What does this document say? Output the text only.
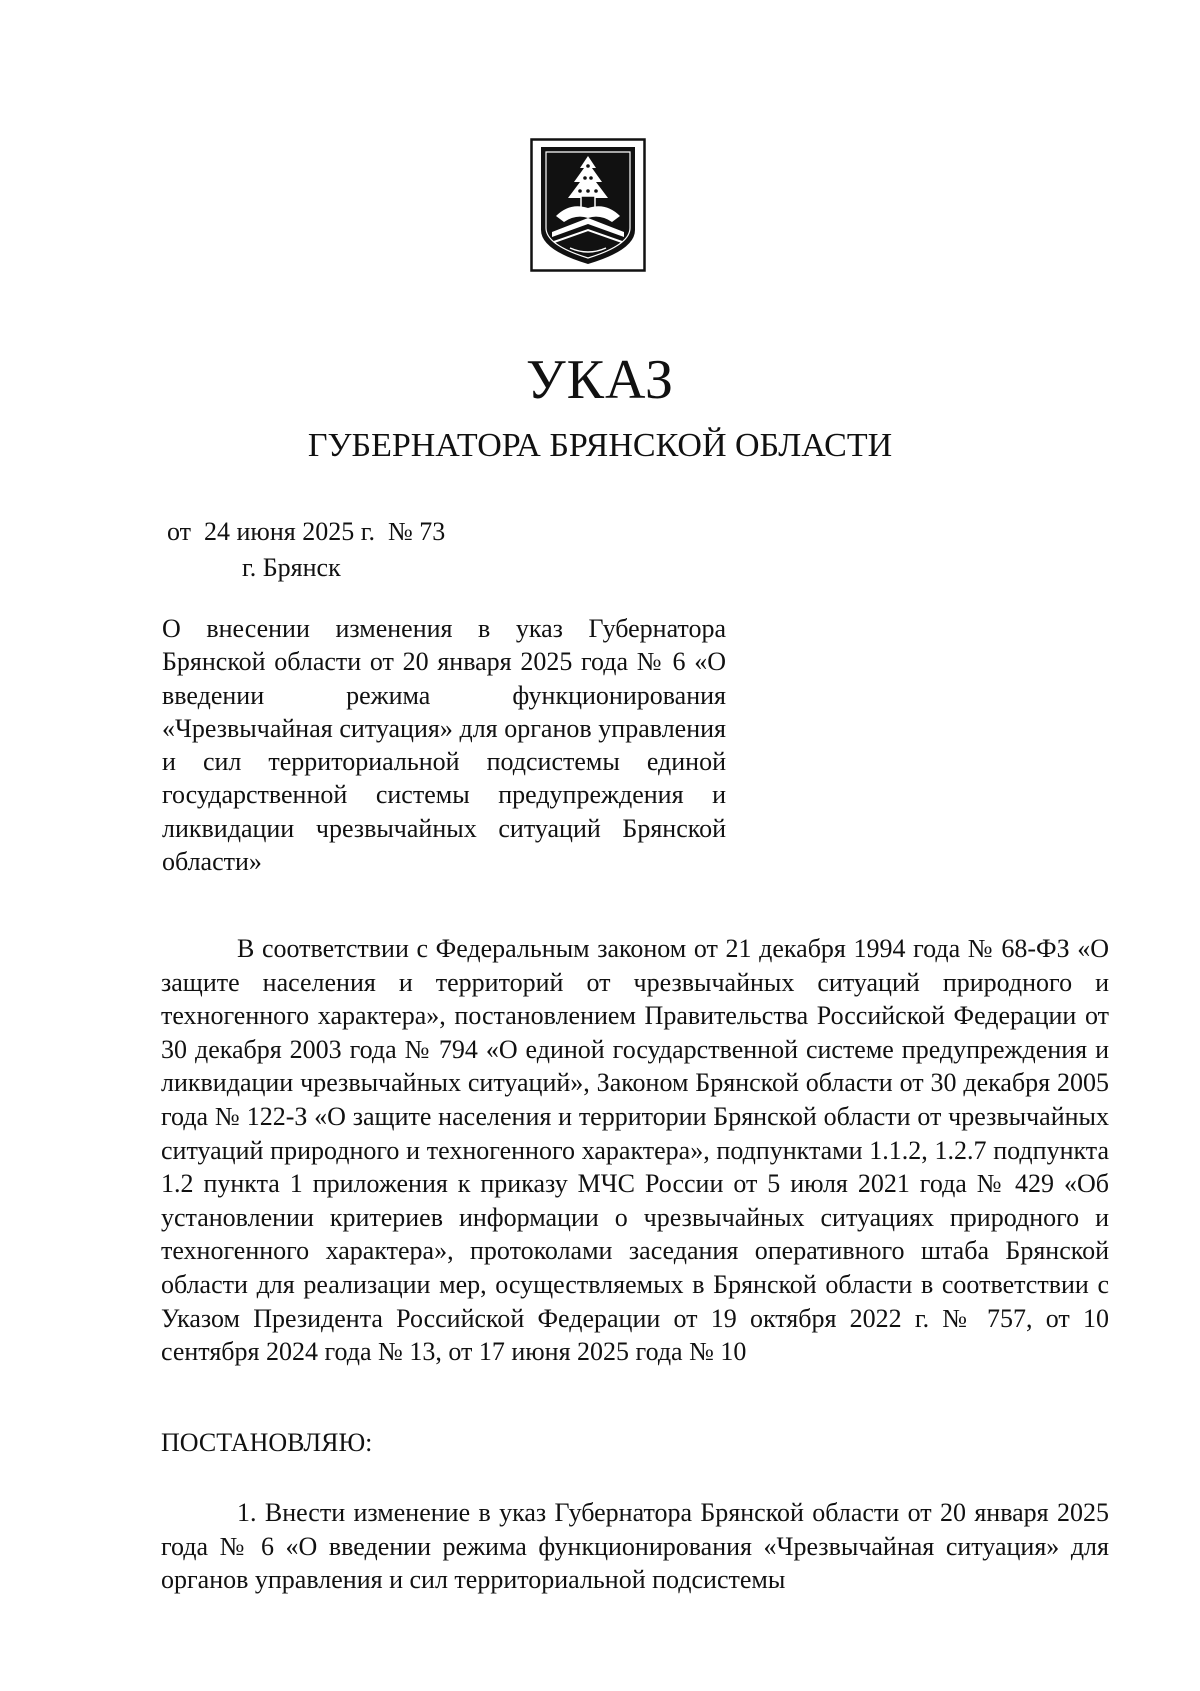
УКАЗ
ГУБЕРНАТОРА БРЯНСКОЙ ОБЛАСТИ
от  24 июня 2025 г.  № 73
г. Брянск
О внесении изменения в указ Губернатора Брянской области от 20 января 2025 года № 6 «О введении режима функционирования «Чрезвычайная ситуация» для органов управления и сил территориальной подсистемы единой государственной системы предупреждения и ликвидации чрезвычайных ситуаций Брянской области»
В соответствии с Федеральным законом от 21 декабря 1994 года № 68-ФЗ «О защите населения и территорий от чрезвычайных ситуаций природного и техногенного характера», постановлением Правительства Российской Федерации от 30 декабря 2003 года № 794 «О единой государственной системе предупреждения и ликвидации чрезвычайных ситуаций», Законом Брянской области от 30 декабря 2005 года № 122-З «О защите населения и территории Брянской области от чрезвычайных ситуаций природного и техногенного характера», подпунктами 1.1.2, 1.2.7 подпункта 1.2 пункта 1 приложения к приказу МЧС России от 5 июля 2021 года № 429 «Об установлении критериев информации о чрезвычайных ситуациях природного и техногенного характера», протоколами заседания оперативного штаба Брянской области для реализации мер, осуществляемых в Брянской области в соответствии с Указом Президента Российской Федерации от 19 октября 2022 г. № 757, от 10 сентября 2024 года № 13, от 17 июня 2025 года № 10
ПОСТАНОВЛЯЮ:
1. Внести изменение в указ Губернатора Брянской области от 20 января 2025 года № 6 «О введении режима функционирования «Чрезвычайная ситуация» для органов управления и сил территориальной подсистемы
